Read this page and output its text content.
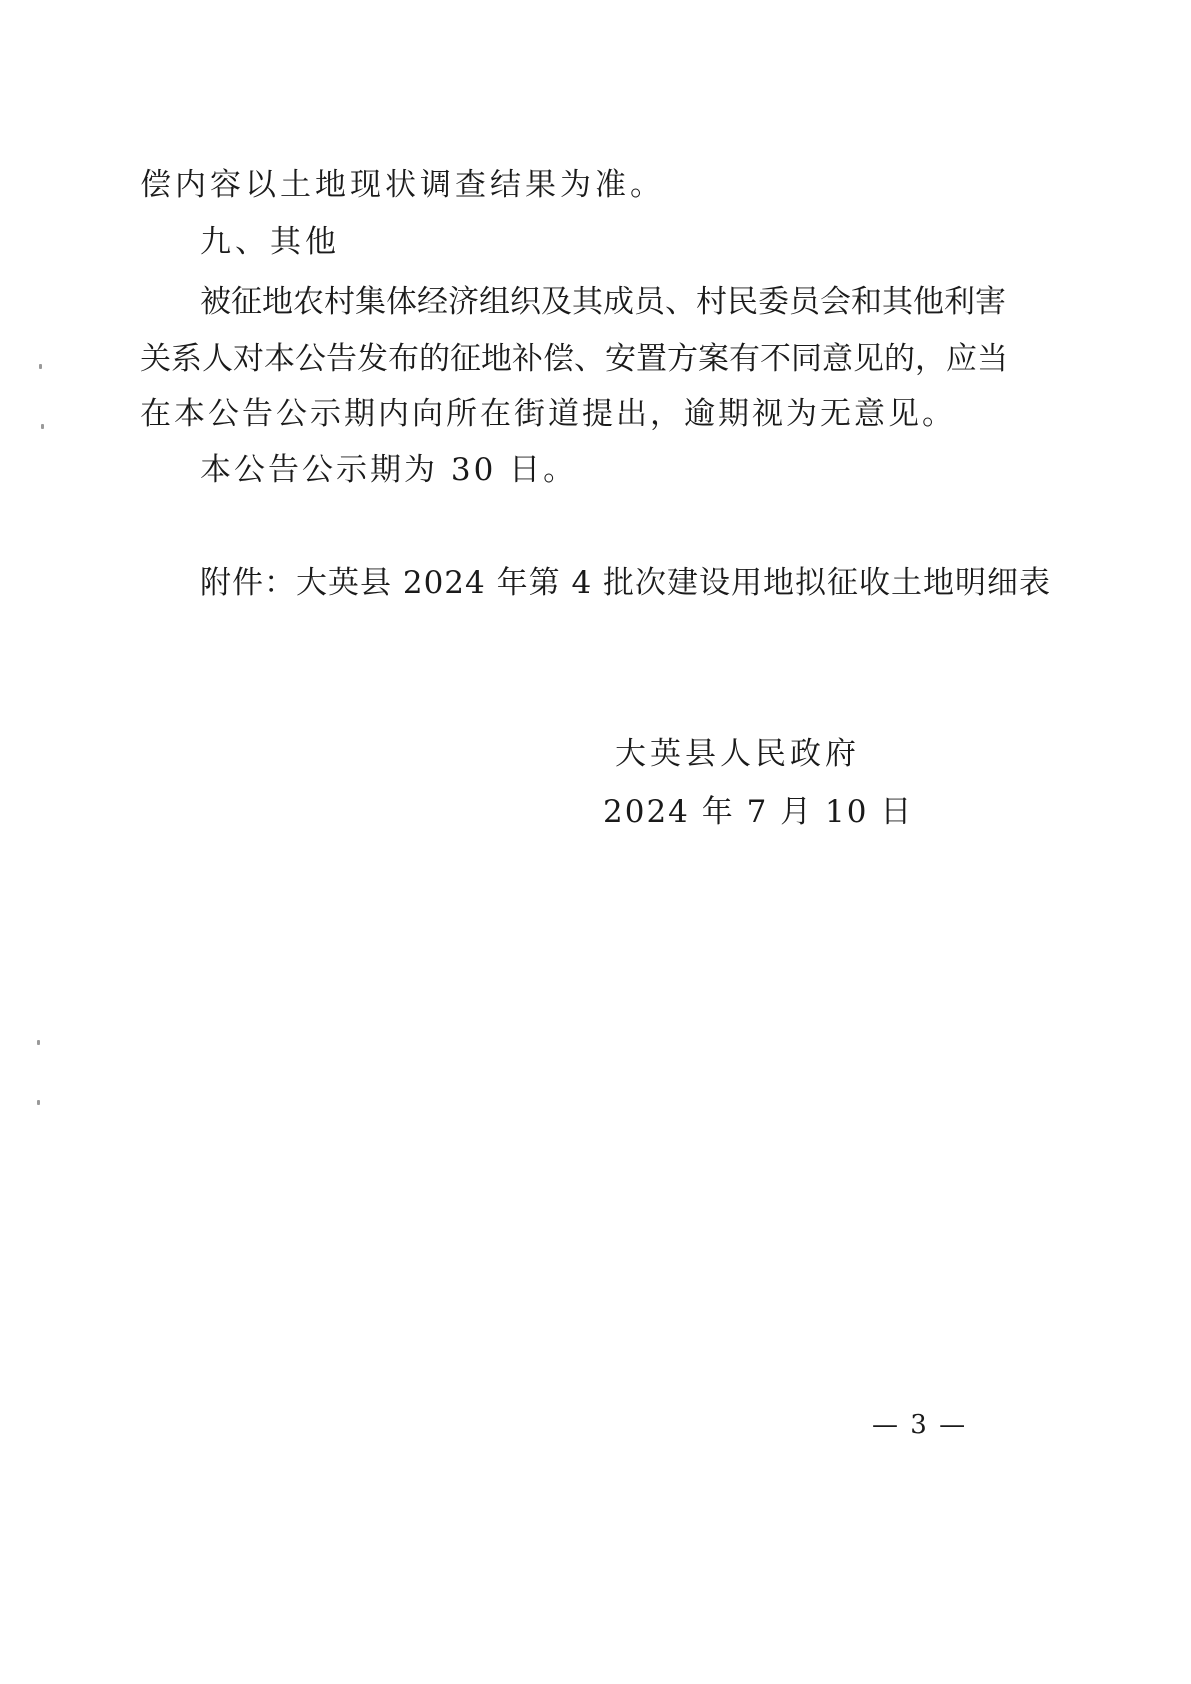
偿内容以土地现状调查结果为准。
九、其他
被征地农村集体经济组织及其成员、村民委员会和其他利害
关系人对本公告发布的征地补偿、安置方案有不同意见的，应当
在本公告公示期内向所在街道提出，逾期视为无意见。
本公告公示期为 30 日。
附件：大英县 2024 年第 4 批次建设用地拟征收土地明细表
大英县人民政府
2024 年 7 月 10 日
— 3 —
